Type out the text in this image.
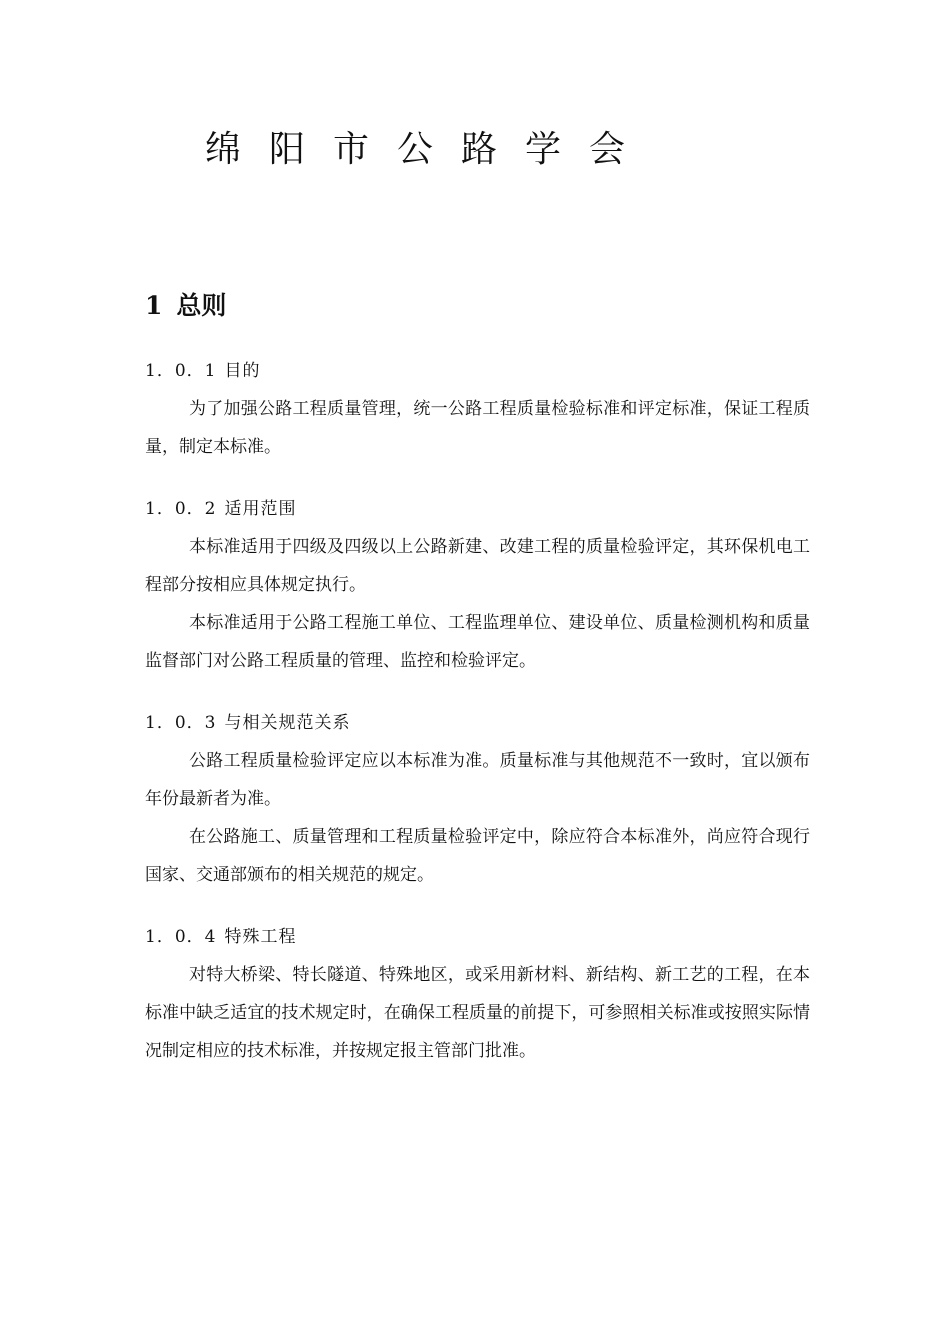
绵阳市公路学会
1 总则
1．0．1 目的

为了加强公路工程质量管理，统一公路工程质量检验标准和评定标准，保证工程质量，制定本标准。

1．0．2 适用范围

本标准适用于四级及四级以上公路新建、改建工程的质量检验评定，其环保机电工程部分按相应具体规定执行。

本标准适用于公路工程施工单位、工程监理单位、建设单位、质量检测机构和质量监督部门对公路工程质量的管理、监控和检验评定。

1．0．3 与相关规范关系

公路工程质量检验评定应以本标准为准。质量标准与其他规范不一致时，宜以颁布年份最新者为准。

在公路施工、质量管理和工程质量检验评定中，除应符合本标准外，尚应符合现行国家、交通部颁布的相关规范的规定。

1．0．4 特殊工程

对特大桥梁、特长隧道、特殊地区，或采用新材料、新结构、新工艺的工程，在本标准中缺乏适宜的技术规定时，在确保工程质量的前提下，可参照相关标准或按照实际情况制定相应的技术标准，并按规定报主管部门批准。
